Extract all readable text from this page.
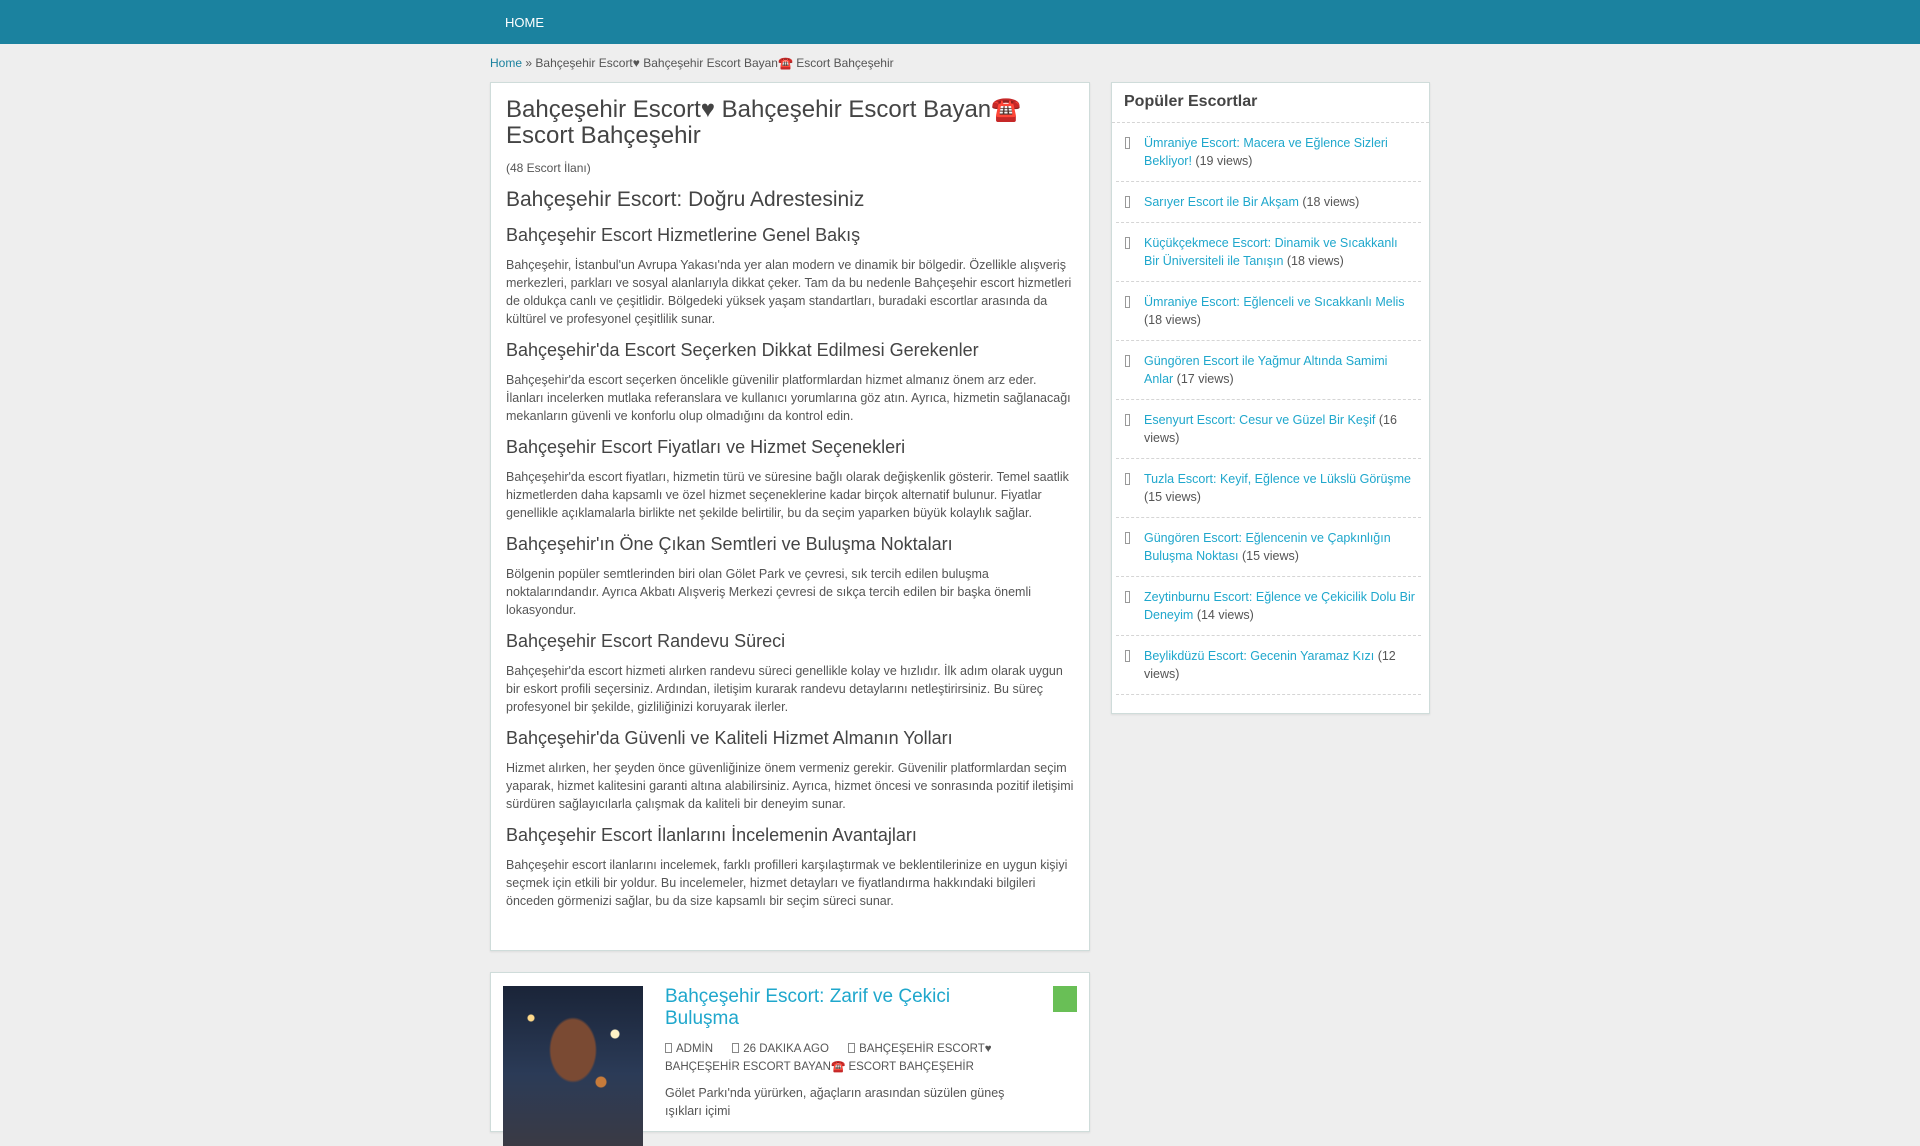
HOME
Home » Bahçeşehir Escort♥ Bahçeşehir Escort Bayan☎️ Escort Bahçeşehir
Bahçeşehir Escort♥ Bahçeşehir Escort Bayan☎️ Escort Bahçeşehir
(48 Escort İlanı)
Bahçeşehir Escort: Doğru Adrestesiniz
Bahçeşehir Escort Hizmetlerine Genel Bakış

Bahçeşehir, İstanbul'un Avrupa Yakası'nda yer alan modern ve dinamik bir bölgedir. Özellikle alışveriş merkezleri, parkları ve sosyal alanlarıyla dikkat çeker. Tam da bu nedenle Bahçeşehir escort hizmetleri de oldukça canlı ve çeşitlidir. Bölgedeki yüksek yaşam standartları, buradaki escortlar arasında da kültürel ve profesyonel çeşitlilik sunar.

Bahçeşehir'da Escort Seçerken Dikkat Edilmesi Gerekenler

Bahçeşehir'da escort seçerken öncelikle güvenilir platformlardan hizmet almanız önem arz eder. İlanları incelerken mutlaka referanslara ve kullanıcı yorumlarına göz atın. Ayrıca, hizmetin sağlanacağı mekanların güvenli ve konforlu olup olmadığını da kontrol edin.

Bahçeşehir Escort Fiyatları ve Hizmet Seçenekleri

Bahçeşehir'da escort fiyatları, hizmetin türü ve süresine bağlı olarak değişkenlik gösterir. Temel saatlik hizmetlerden daha kapsamlı ve özel hizmet seçeneklerine kadar birçok alternatif bulunur. Fiyatlar genellikle açıklamalarla birlikte net şekilde belirtilir, bu da seçim yaparken büyük kolaylık sağlar.

Bahçeşehir'ın Öne Çıkan Semtleri ve Buluşma Noktaları

Bölgenin popüler semtlerinden biri olan Gölet Park ve çevresi, sık tercih edilen buluşma noktalarındandır. Ayrıca Akbatı Alışveriş Merkezi çevresi de sıkça tercih edilen bir başka önemli lokasyondur.

Bahçeşehir Escort Randevu Süreci

Bahçeşehir'da escort hizmeti alırken randevu süreci genellikle kolay ve hızlıdır. İlk adım olarak uygun bir eskort profili seçersiniz. Ardından, iletişim kurarak randevu detaylarını netleştirirsiniz. Bu süreç profesyonel bir şekilde, gizliliğinizi koruyarak ilerler.

Bahçeşehir'da Güvenli ve Kaliteli Hizmet Almanın Yolları

Hizmet alırken, her şeyden önce güvenliğinize önem vermeniz gerekir. Güvenilir platformlardan seçim yaparak, hizmet kalitesini garanti altına alabilirsiniz. Ayrıca, hizmet öncesi ve sonrasında pozitif iletişimi sürdüren sağlayıcılarla çalışmak da kaliteli bir deneyim sunar.

Bahçeşehir Escort İlanlarını İncelemenin Avantajları

Bahçeşehir escort ilanlarını incelemek, farklı profilleri karşılaştırmak ve beklentilerinize en uygun kişiyi seçmek için etkili bir yoldur. Bu incelemeler, hizmet detayları ve fiyatlandırma hakkındaki bilgileri önceden görmenizi sağlar, bu da size kapsamlı bir seçim süreci sunar.

Bahçeşehir Escort: Zarif ve Çekici Buluşma
ADMİN	26 DAKIKA AGO	BAHÇEŞEHİR ESCORT♥ BAHÇEŞEHİR ESCORT BAYAN☎️ ESCORT BAHÇEŞEHİR
Gölet Parkı'nda yürürken, ağaçların arasından süzülen güneş ışıkları içimi
Popüler Escortlar
Ümraniye Escort: Macera ve Eğlence Sizleri Bekliyor! (19 views)
Sarıyer Escort ile Bir Akşam (18 views)
Küçükçekmece Escort: Dinamik ve Sıcakkanlı Bir Üniversiteli ile Tanışın (18 views)
Ümraniye Escort: Eğlenceli ve Sıcakkanlı Melis (18 views)
Güngören Escort ile Yağmur Altında Samimi Anlar (17 views)
Esenyurt Escort: Cesur ve Güzel Bir Keşif (16 views)
Tuzla Escort: Keyif, Eğlence ve Lükslü Görüşme (15 views)
Güngören Escort: Eğlencenin ve Çapkınlığın Buluşma Noktası (15 views)
Zeytinburnu Escort: Eğlence ve Çekicilik Dolu Bir Deneyim (14 views)
Beylikdüzü Escort: Gecenin Yaramaz Kızı (12 views)
